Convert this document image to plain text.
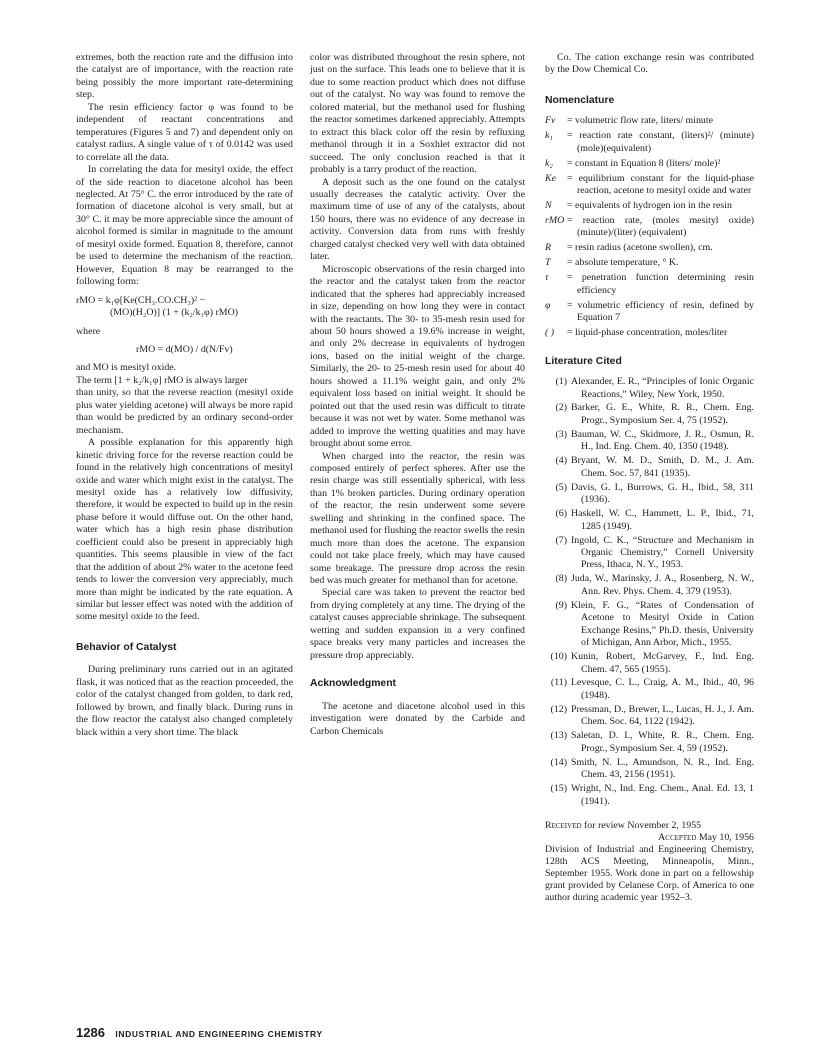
extremes, both the reaction rate and the diffusion into the catalyst are of importance, with the reaction rate being possibly the more important rate-determining step.

The resin efficiency factor φ was found to be independent of reactant concentrations and temperatures (Figures 5 and 7) and dependent only on catalyst radius. A single value of τ of 0.0142 was used to correlate all the data.

In correlating the data for mesityl oxide, the effect of the side reaction to diacetone alcohol has been neglected. At 75° C. the error introduced by the rate of formation of diacetone alcohol is very small, but at 30° C. it may be more appreciable since the amount of alcohol formed is similar in magnitude to the amount of mesityl oxide formed. Equation 8, therefore, cannot be used to determine the mechanism of the reaction. However, Equation 8 may be rearranged to the following form:

rMO = k₁φ[Ke(CH₃.CO.CH₃)² −
(MO)(H₂O)] (1 + (k₂/k₁φ) rMO)

where

rMO = d(MO) / d(N/Fv)

and MO is mesityl oxide.

The term [1 + k₂/k₁φ] rMO is always larger

than unity, so that the reverse reaction (mesityl oxide plus water yielding acetone) will always be more rapid than would be predicted by an ordinary second-order mechanism.

A possible explanation for this apparently high kinetic driving force for the reverse reaction could be found in the relatively high concentrations of mesityl oxide and water which might exist in the catalyst. The mesityl oxide has a relatively low diffusivity, therefore, it would be expected to build up in the resin phase before it would diffuse out. On the other hand, water which has a high resin phase distribution coefficient could also be present in appreciably high quantities. This seems plausible in view of the fact that the addition of about 2% water to the acetone feed tends to lower the conversion very appreciably, much more than might be indicated by the rate equation. A similar but lesser effect was noted with the addition of some mesityl oxide to the feed.

Behavior of Catalyst

During preliminary runs carried out in an agitated flask, it was noticed that as the reaction proceeded, the color of the catalyst changed from golden, to dark red, followed by brown, and finally black. During runs in the flow reactor the catalyst also changed completely black within a very short time. The black

color was distributed throughout the resin sphere, not just on the surface. This leads one to believe that it is due to some reaction product which does not diffuse out of the catalyst. No way was found to remove the colored material, but the methanol used for flushing the reactor sometimes darkened appreciably. Attempts to extract this black color off the resin by refluxing methanol through it in a Soxhlet extractor did not succeed. The only conclusion reached is that it probably is a tarry product of the reaction.

A deposit such as the one found on the catalyst usually decreases the catalytic activity. Over the maximum time of use of any of the catalysts, about 150 hours, there was no evidence of any decrease in activity. Conversion data from runs with freshly charged catalyst checked very well with data obtained later.

Microscopic observations of the resin charged into the reactor and the catalyst taken from the reactor indicated that the spheres had appreciably increased in size, depending on how long they were in contact with the reactants. The 30- to 35-mesh resin used for about 50 hours showed a 19.6% increase in weight, and only 2% decrease in equivalents of hydrogen ions, based on the initial weight of the charge. Similarly, the 20- to 25-mesh resin used for about 40 hours showed a 11.1% weight gain, and only 2% equivalent loss based on initial weight. It should be pointed out that the used resin was difficult to titrate because it was not wet by water. Some methanol was added to improve the wetting qualities and may have brought about some error.

When charged into the reactor, the resin was composed entirely of perfect spheres. After use the resin charge was still essentially spherical, with less than 1% broken particles. During ordinary operation of the reactor, the resin underwent some severe swelling and shrinking in the confined space. The methanol used for flushing the reactor swells the resin much more than does the acetone. The expansion could not take place freely, which may have caused some breakage. The pressure drop across the resin bed was much greater for methanol than for acetone.

Special care was taken to prevent the reactor bed from drying completely at any time. The drying of the catalyst causes appreciable shrinkage. The subsequent wetting and sudden expansion in a very confined space breaks very many particles and increases the pressure drop appreciably.

Acknowledgment

The acetone and diacetone alcohol used in this investigation were donated by the Carbide and Carbon Chemicals

Co. The cation exchange resin was contributed by the Dow Chemical Co.

Nomenclature
Fv	= volumetric flow rate, liters/ minute
k₁	= reaction rate constant, (liters)²/ (minute)(mole)(equivalent)
k₂	= constant in Equation 8 (liters/ mole)²
Ke	= equilibrium constant for the liquid-phase reaction, acetone to mesityl oxide and water
N	= equivalents of hydrogen ion in the resin
rMO = reaction rate, (moles mesityl oxide)(minute)/(liter) (equivalent)
R	= resin radius (acetone swollen), cm.
T	= absolute temperature, ° K.
τ	= penetration function determining resin efficiency
φ	= volumetric efficiency of resin, defined by Equation 7
( )	= liquid-phase concentration, moles/liter
Literature Cited
(1) Alexander, E. R., “Principles of Ionic Organic Reactions,” Wiley, New York, 1950.
(2) Barker, G. E., White, R. R., Chem. Eng. Progr., Symposium Ser. 4, 75 (1952).
(3) Bauman, W. C., Skidmore, J. R., Osmun, R. H., Ind. Eng. Chem. 40, 1350 (1948).
(4) Bryant, W. M. D., Smith, D. M., J. Am. Chem. Soc. 57, 841 (1935).
(5) Davis, G. I., Burrows, G. H., Ibid., 58, 311 (1936).
(6) Haskell, W. C., Hammett, L. P., Ibid., 71, 1285 (1949).
(7) Ingold, C. K., “Structure and Mechanism in Organic Chemistry,” Cornell University Press, Ithaca, N. Y., 1953.
(8) Juda, W., Marinsky, J. A., Rosenberg, N. W., Ann. Rev. Phys. Chem. 4, 379 (1953).
(9) Klein, F. G., “Rates of Condensation of Acetone to Mesityl Oxide in Cation Exchange Resins,” Ph.D. thesis, University of Michigan, Ann Arbor, Mich., 1955.
(10) Kunin, Robert, McGarvey, F., Ind. Eng. Chem. 47, 565 (1955).
(11) Levesque, C. L., Craig, A. M., Ibid., 40, 96 (1948).
(12) Pressman, D., Brewer, L., Lucas, H. J., J. Am. Chem. Soc. 64, 1122 (1942).
(13) Saletan, D. I., White, R. R., Chem. Eng. Progr., Symposium Ser. 4, 59 (1952).
(14) Smith, N. L., Amundson, N. R., Ind. Eng. Chem. 43, 2156 (1951).
(15) Wright, N., Ind. Eng. Chem., Anal. Ed. 13, 1 (1941).
Received for review November 2, 1955
Accepted May 10, 1956
Division of Industrial and Engineering Chemistry, 128th ACS Meeting, Minneapolis, Minn., September 1955. Work done in part on a fellowship grant provided by Celanese Corp. of America to one author during academic year 1952–3.
1286 INDUSTRIAL AND ENGINEERING CHEMISTRY
